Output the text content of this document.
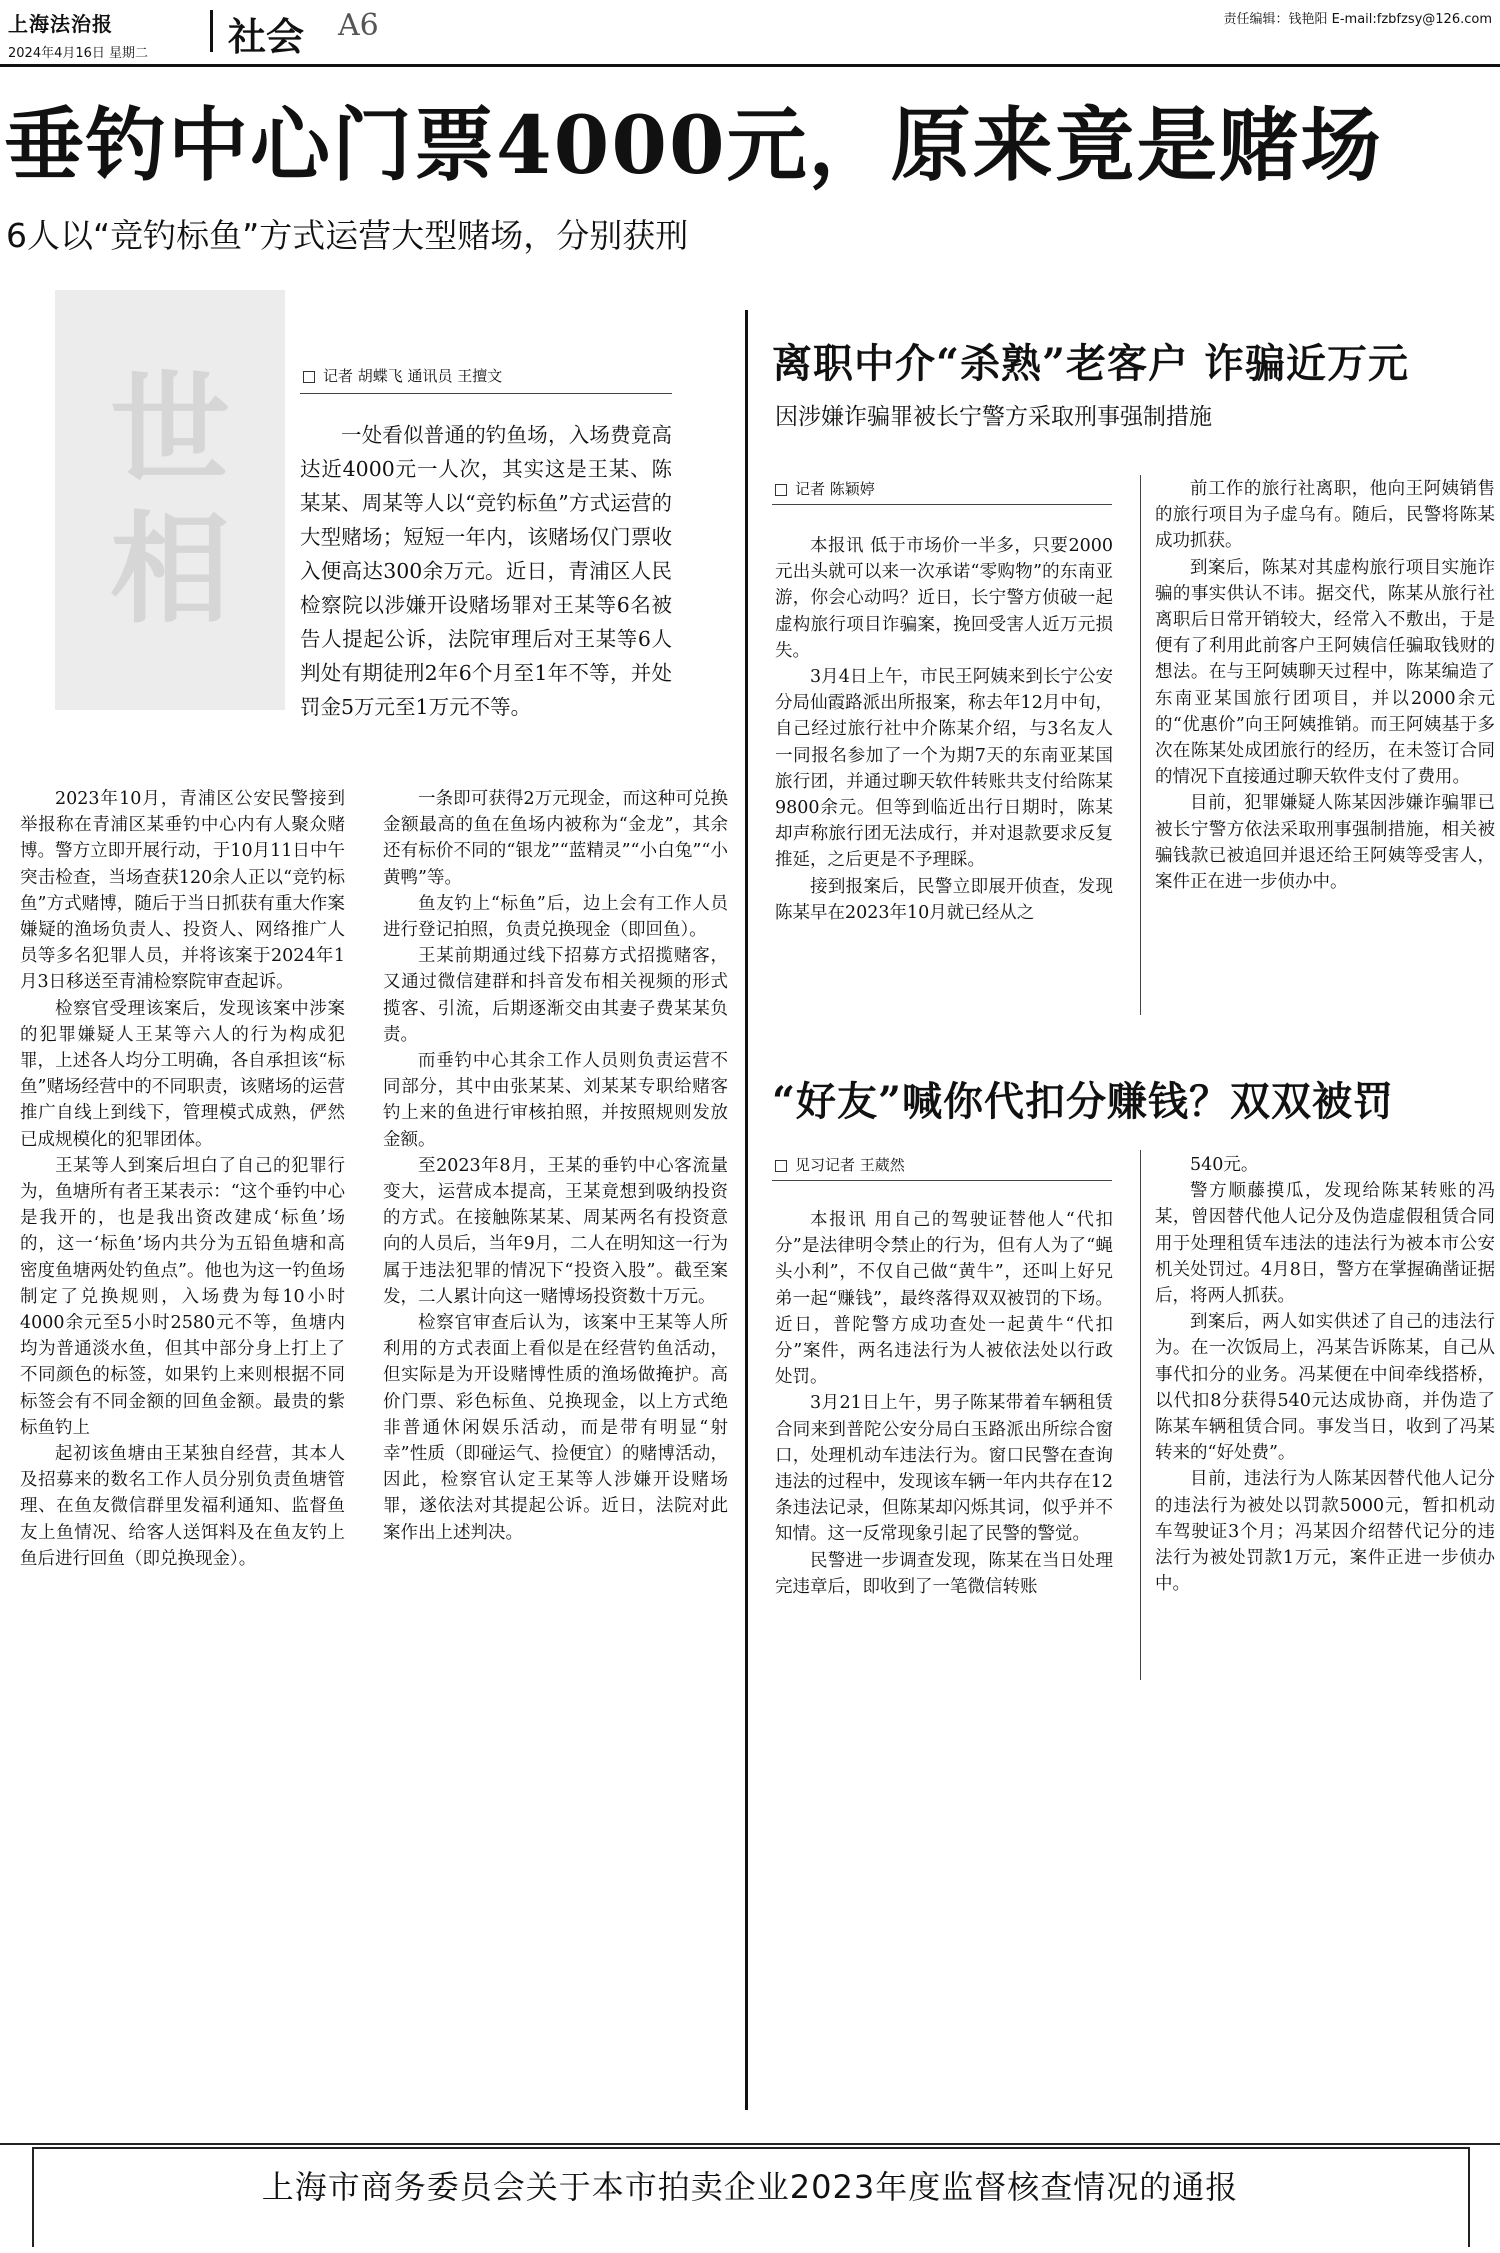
上海法治报
2024年4月16日 星期二	社会 A6	责任编辑：钱艳阳 E-mail:fzbfzsy@126.com
垂钓中心门票4000元，原来竟是赌场
6人以“竞钓标鱼”方式运营大型赌场，分别获刑
世
相
记者 胡蝶飞 通讯员 王擅文
一处看似普通的钓鱼场，入场费竟高达近4000元一人次，其实这是王某、陈某某、周某等人以“竞钓标鱼”方式运营的大型赌场；短短一年内，该赌场仅门票收入便高达300余万元。近日，青浦区人民检察院以涉嫌开设赌场罪对王某等6名被告人提起公诉，法院审理后对王某等6人判处有期徒刑2年6个月至1年不等，并处罚金5万元至1万元不等。

2023年10月，青浦区公安民警接到举报称在青浦区某垂钓中心内有人聚众赌博。警方立即开展行动，于10月11日中午突击检查，当场查获120余人正以“竞钓标鱼”方式赌博，随后于当日抓获有重大作案嫌疑的渔场负责人、投资人、网络推广人员等多名犯罪人员，并将该案于2024年1月3日移送至青浦检察院审查起诉。

检察官受理该案后，发现该案中涉案的犯罪嫌疑人王某等六人的行为构成犯罪，上述各人均分工明确，各自承担该“标鱼”赌场经营中的不同职责，该赌场的运营推广自线上到线下，管理模式成熟，俨然已成规模化的犯罪团体。

王某等人到案后坦白了自己的犯罪行为，鱼塘所有者王某表示：“这个垂钓中心是我开的，也是我出资改建成‘标鱼’场的，这一‘标鱼’场内共分为五铅鱼塘和高密度鱼塘两处钓鱼点”。他也为这一钓鱼场制定了兑换规则，入场费为每10小时4000余元至5小时2580元不等，鱼塘内均为普通淡水鱼，但其中部分身上打上了不同颜色的标签，如果钓上来则根据不同标签会有不同金额的回鱼金额。最贵的紫标鱼钓上

起初该鱼塘由王某独自经营，其本人及招募来的数名工作人员分别负责鱼塘管理、在鱼友微信群里发福利通知、监督鱼友上鱼情况、给客人送饵料及在鱼友钓上鱼后进行回鱼（即兑换现金）。

一条即可获得2万元现金，而这种可兑换金额最高的鱼在鱼场内被称为“金龙”，其余还有标价不同的“银龙”“蓝精灵”“小白兔”“小黄鸭”等。

鱼友钓上“标鱼”后，边上会有工作人员进行登记拍照，负责兑换现金（即回鱼）。

王某前期通过线下招募方式招揽赌客，又通过微信建群和抖音发布相关视频的形式揽客、引流，后期逐渐交由其妻子费某某负责。

而垂钓中心其余工作人员则负责运营不同部分，其中由张某某、刘某某专职给赌客钓上来的鱼进行审核拍照，并按照规则发放金额。

至2023年8月，王某的垂钓中心客流量变大，运营成本提高，王某竟想到吸纳投资的方式。在接触陈某某、周某两名有投资意向的人员后，当年9月，二人在明知这一行为属于违法犯罪的情况下“投资入股”。截至案发，二人累计向这一赌博场投资数十万元。

检察官审查后认为，该案中王某等人所利用的方式表面上看似是在经营钓鱼活动，但实际是为开设赌博性质的渔场做掩护。高价门票、彩色标鱼、兑换现金，以上方式绝非普通休闲娱乐活动，而是带有明显“射幸”性质（即碰运气、捡便宜）的赌博活动，因此，检察官认定王某等人涉嫌开设赌场罪，遂依法对其提起公诉。近日，法院对此案作出上述判决。

离职中介“杀熟”老客户 诈骗近万元
因涉嫌诈骗罪被长宁警方采取刑事强制措施
记者 陈颖婷

本报讯 低于市场价一半多，只要2000元出头就可以来一次承诺“零购物”的东南亚游，你会心动吗？近日，长宁警方侦破一起虚构旅行项目诈骗案，挽回受害人近万元损失。

3月4日上午，市民王阿姨来到长宁公安分局仙霞路派出所报案，称去年12月中旬，自己经过旅行社中介陈某介绍，与3名友人一同报名参加了一个为期7天的东南亚某国旅行团，并通过聊天软件转账共支付给陈某9800余元。但等到临近出行日期时，陈某却声称旅行团无法成行，并对退款要求反复推延，之后更是不予理睬。

接到报案后，民警立即展开侦查，发现陈某早在2023年10月就已经从之

前工作的旅行社离职，他向王阿姨销售的旅行项目为子虚乌有。随后，民警将陈某成功抓获。

到案后，陈某对其虚构旅行项目实施诈骗的事实供认不讳。据交代，陈某从旅行社离职后日常开销较大，经常入不敷出，于是便有了利用此前客户王阿姨信任骗取钱财的想法。在与王阿姨聊天过程中，陈某编造了东南亚某国旅行团项目，并以2000余元的“优惠价”向王阿姨推销。而王阿姨基于多次在陈某处成团旅行的经历，在未签订合同的情况下直接通过聊天软件支付了费用。

目前，犯罪嫌疑人陈某因涉嫌诈骗罪已被长宁警方依法采取刑事强制措施，相关被骗钱款已被追回并退还给王阿姨等受害人，案件正在进一步侦办中。

“好友”喊你代扣分赚钱？双双被罚
见习记者 王葳然

本报讯 用自己的驾驶证替他人“代扣分”是法律明令禁止的行为，但有人为了“蝇头小利”，不仅自己做“黄牛”，还叫上好兄弟一起“赚钱”，最终落得双双被罚的下场。近日，普陀警方成功查处一起黄牛“代扣分”案件，两名违法行为人被依法处以行政处罚。

3月21日上午，男子陈某带着车辆租赁合同来到普陀公安分局白玉路派出所综合窗口，处理机动车违法行为。窗口民警在查询违法的过程中，发现该车辆一年内共存在12条违法记录，但陈某却闪烁其词，似乎并不知情。这一反常现象引起了民警的警觉。

民警进一步调查发现，陈某在当日处理完违章后，即收到了一笔微信转账

540元。

警方顺藤摸瓜，发现给陈某转账的冯某，曾因替代他人记分及伪造虚假租赁合同用于处理租赁车违法的违法行为被本市公安机关处罚过。4月8日，警方在掌握确凿证据后，将两人抓获。

到案后，两人如实供述了自己的违法行为。在一次饭局上，冯某告诉陈某，自己从事代扣分的业务。冯某便在中间牵线搭桥，以代扣8分获得540元达成协商，并伪造了陈某车辆租赁合同。事发当日，收到了冯某转来的“好处费”。

目前，违法行为人陈某因替代他人记分的违法行为被处以罚款5000元，暂扣机动车驾驶证3个月；冯某因介绍替代记分的违法行为被处罚款1万元，案件正进一步侦办中。

上海市商务委员会关于本市拍卖企业2023年度监督核查情况的通报
